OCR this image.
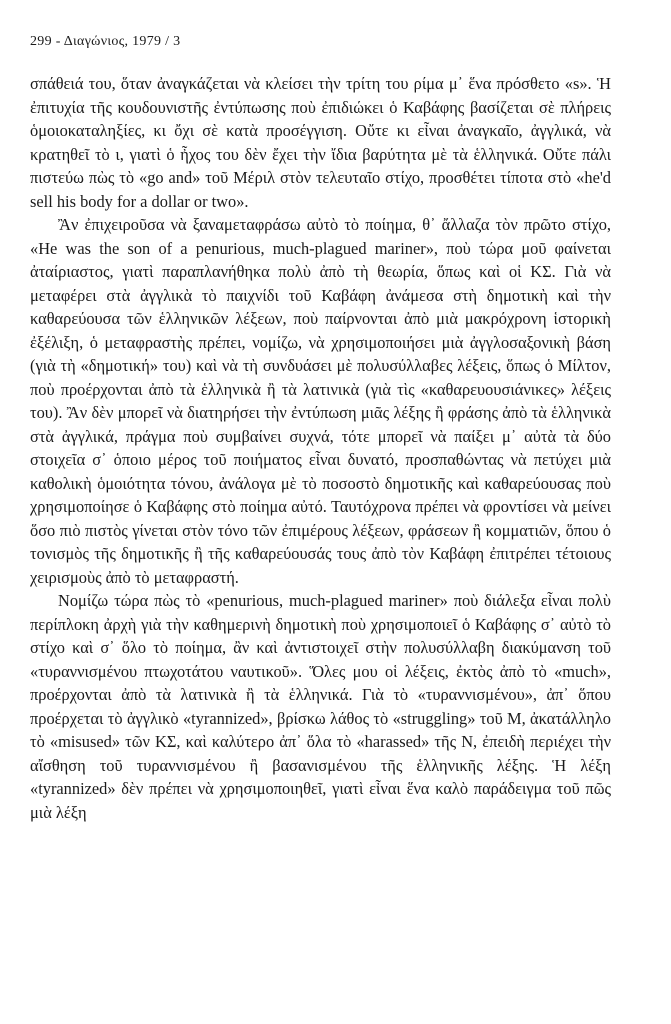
299 - Διαγώνιος, 1979 / 3

σπάθειά του, ὅταν ἀναγκάζεται νὰ κλείσει τὴν τρίτη του ρίμα μ᾿ ἕνα πρόσθετο «s». Ἡ ἐπιτυχία τῆς κουδουνιστῆς ἐντύπωσης ποὺ ἐπιδιώκει ὁ Καβάφης βασίζεται σὲ πλήρεις ὁμοιοκαταληξίες, κι ὄχι σὲ κατὰ προσέγγιση. Οὔτε κι εἶναι ἀναγκαῖο, ἀγγλικά, νὰ κρατηθεῖ τὸ ι, γιατὶ ὁ ἦχος του δὲν ἔχει τὴν ἴδια βαρύτητα μὲ τὰ ἑλληνικά. Οὔτε πάλι πιστεύω πὼς τὸ «go and» τοῦ Μέριλ στὸν τελευταῖο στίχο, προσθέτει τίποτα στὸ «he'd sell his body for a dollar or two».

Ἂν ἐπιχειροῦσα νὰ ξαναμεταφράσω αὐτὸ τὸ ποίημα, θ᾿ ἄλλαζα τὸν πρῶτο στίχο, «He was the son of a penurious, much-plagued mariner», ποὺ τώρα μοῦ φαίνεται ἀταίριαστος, γιατὶ παραπλανήθηκα πολὺ ἀπὸ τὴ θεωρία, ὅπως καὶ οἱ ΚΣ. Γιὰ νὰ μεταφέρει στὰ ἀγγλικὰ τὸ παιχνίδι τοῦ Καβάφη ἀνάμεσα στὴ δημοτικὴ καὶ τὴν καθαρεύουσα τῶν ἑλληνικῶν λέξεων, ποὺ παίρνονται ἀπὸ μιὰ μακρόχρονη ἱστορικὴ ἐξέλιξη, ὁ μεταφραστὴς πρέπει, νομίζω, νὰ χρησιμοποιήσει μιὰ ἀγγλοσαξονικὴ βάση (γιὰ τὴ «δημοτική» του) καὶ νὰ τὴ συνδυάσει μὲ πολυσύλλαβες λέξεις, ὅπως ὁ Μίλτον, ποὺ προέρχονται ἀπὸ τὰ ἑλληνικὰ ἢ τὰ λατινικὰ (γιὰ τὶς «καθαρευουσιάνικες» λέξεις του). Ἂν δὲν μπορεῖ νὰ διατηρήσει τὴν ἐντύπωση μιᾶς λέξης ἢ φράσης ἀπὸ τὰ ἑλληνικὰ στὰ ἀγγλικά, πράγμα ποὺ συμβαίνει συχνά, τότε μπορεῖ νὰ παίξει μ᾿ αὐτὰ τὰ δύο στοιχεῖα σ᾿ ὁποιο μέρος τοῦ ποιήματος εἶναι δυνατό, προσπαθώντας νὰ πετύχει μιὰ καθολικὴ ὁμοιότητα τόνου, ἀνάλογα μὲ τὸ ποσοστὸ δημοτικῆς καὶ καθαρεύουσας ποὺ χρησιμοποίησε ὁ Καβάφης στὸ ποίημα αὐτό. Ταυτόχρονα πρέπει νὰ φροντίσει νὰ μείνει ὅσο πιὸ πιστὸς γίνεται στὸν τόνο τῶν ἐπιμέρους λέξεων, φράσεων ἢ κομματιῶν, ὅπου ὁ τονισμὸς τῆς δημοτικῆς ἢ τῆς καθαρεύουσάς τους ἀπὸ τὸν Καβάφη ἐπιτρέπει τέτοιους χειρισμοὺς ἀπὸ τὸ μεταφραστή.

Νομίζω τώρα πὼς τὸ «penurious, much-plagued mariner» ποὺ διάλεξα εἶναι πολὺ περίπλοκη ἀρχὴ γιὰ τὴν καθημερινὴ δημοτικὴ ποὺ χρησιμοποιεῖ ὁ Καβάφης σ᾿ αὐτὸ τὸ στίχο καὶ σ᾿ ὅλο τὸ ποίημα, ἂν καὶ ἀντιστοιχεῖ στὴν πολυσύλλαβη διακύμανση τοῦ «τυραννισμένου πτωχοτάτου ναυτικοῦ». Ὅλες μου οἱ λέξεις, ἐκτὸς ἀπὸ τὸ «much», προέρχονται ἀπὸ τὰ λατινικὰ ἢ τὰ ἑλληνικά. Γιὰ τὸ «τυραννισμένου», ἀπ᾿ ὅπου προέρχεται τὸ ἀγγλικὸ «tyrannized», βρίσκω λάθος τὸ «struggling» τοῦ Μ, ἀκατάλληλο τὸ «misused» τῶν ΚΣ, καὶ καλύτερο ἀπ᾿ ὅλα τὸ «harassed» τῆς Ν, ἐπειδὴ περιέχει τὴν αἴσθηση τοῦ τυραννισμένου ἢ βασανισμένου τῆς ἑλληνικῆς λέξης. Ἡ λέξη «tyrannized» δὲν πρέπει νὰ χρησιμοποιηθεῖ, γιατὶ εἶναι ἕνα καλὸ παράδειγμα τοῦ πῶς μιὰ λέξη
